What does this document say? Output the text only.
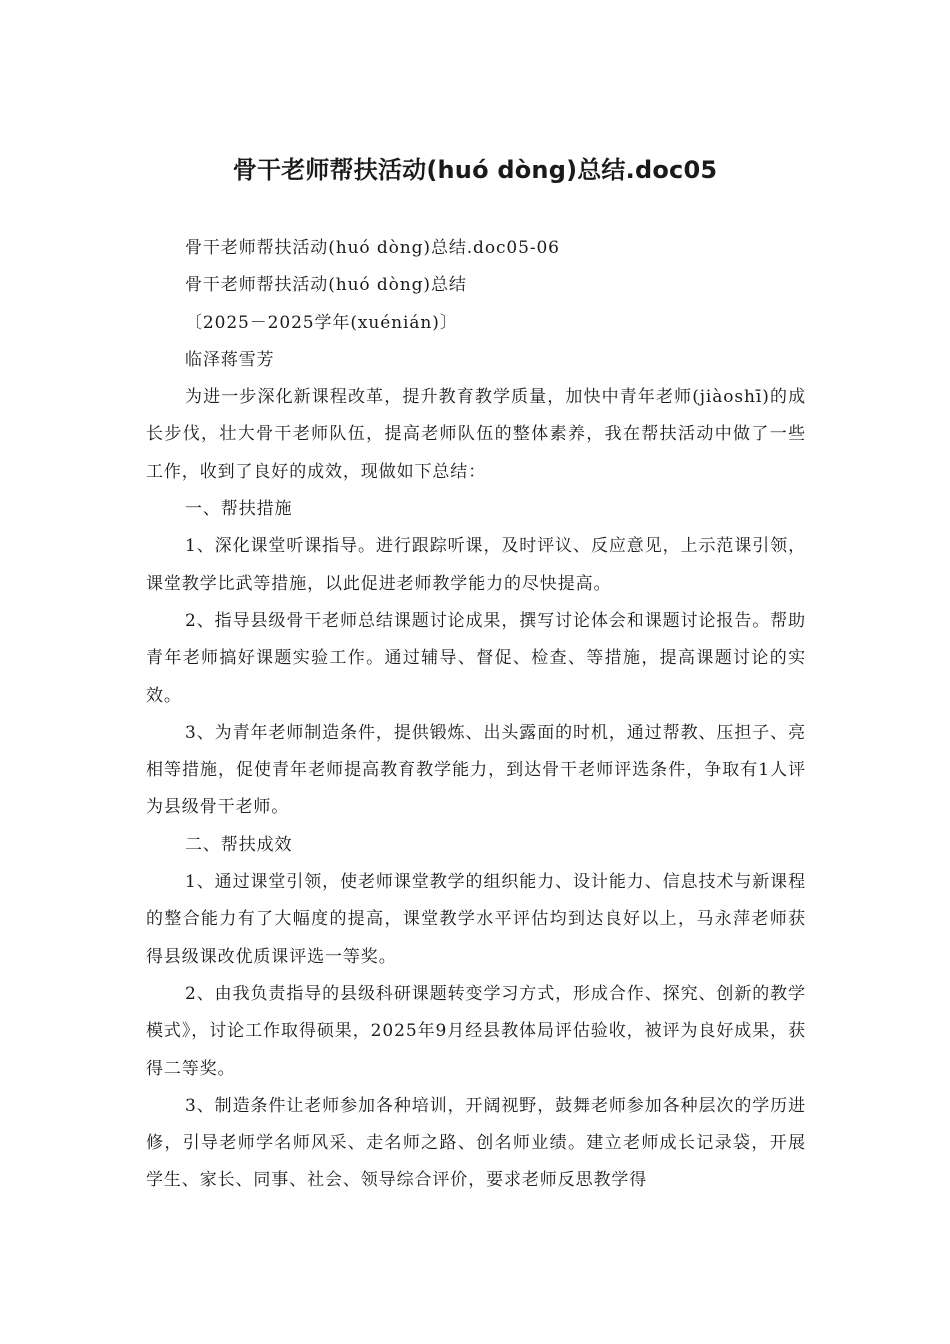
骨干老师帮扶活动(huó dòng)总结.doc05

骨干老师帮扶活动(huó dòng)总结.doc05-06

骨干老师帮扶活动(huó dòng)总结

〔2025－2025学年(xuénián)〕

临泽蒋雪芳

为进一步深化新课程改革，提升教育教学质量，加快中青年老师(jiàoshī)的成长步伐，壮大骨干老师队伍，提高老师队伍的整体素养，我在帮扶活动中做了一些工作，收到了良好的成效，现做如下总结：

一、帮扶措施

1、深化课堂听课指导。进行跟踪听课，及时评议、反应意见，上示范课引领，课堂教学比武等措施，以此促进老师教学能力的尽快提高。

2、指导县级骨干老师总结课题讨论成果，撰写讨论体会和课题讨论报告。帮助青年老师搞好课题实验工作。通过辅导、督促、检查、等措施，提高课题讨论的实效。

3、为青年老师制造条件，提供锻炼、出头露面的时机，通过帮教、压担子、亮相等措施，促使青年老师提高教育教学能力，到达骨干老师评选条件，争取有1人评为县级骨干老师。

二、帮扶成效

1、通过课堂引领，使老师课堂教学的组织能力、设计能力、信息技术与新课程的整合能力有了大幅度的提高，课堂教学水平评估均到达良好以上，马永萍老师获得县级课改优质课评选一等奖。

2、由我负责指导的县级科研课题转变学习方式，形成合作、探究、创新的教学模式》，讨论工作取得硕果，2025年9月经县教体局评估验收，被评为良好成果，获得二等奖。

3、制造条件让老师参加各种培训，开阔视野，鼓舞老师参加各种层次的学历进修，引导老师学名师风采、走名师之路、创名师业绩。建立老师成长记录袋，开展学生、家长、同事、社会、领导综合评价，要求老师反思教学得
